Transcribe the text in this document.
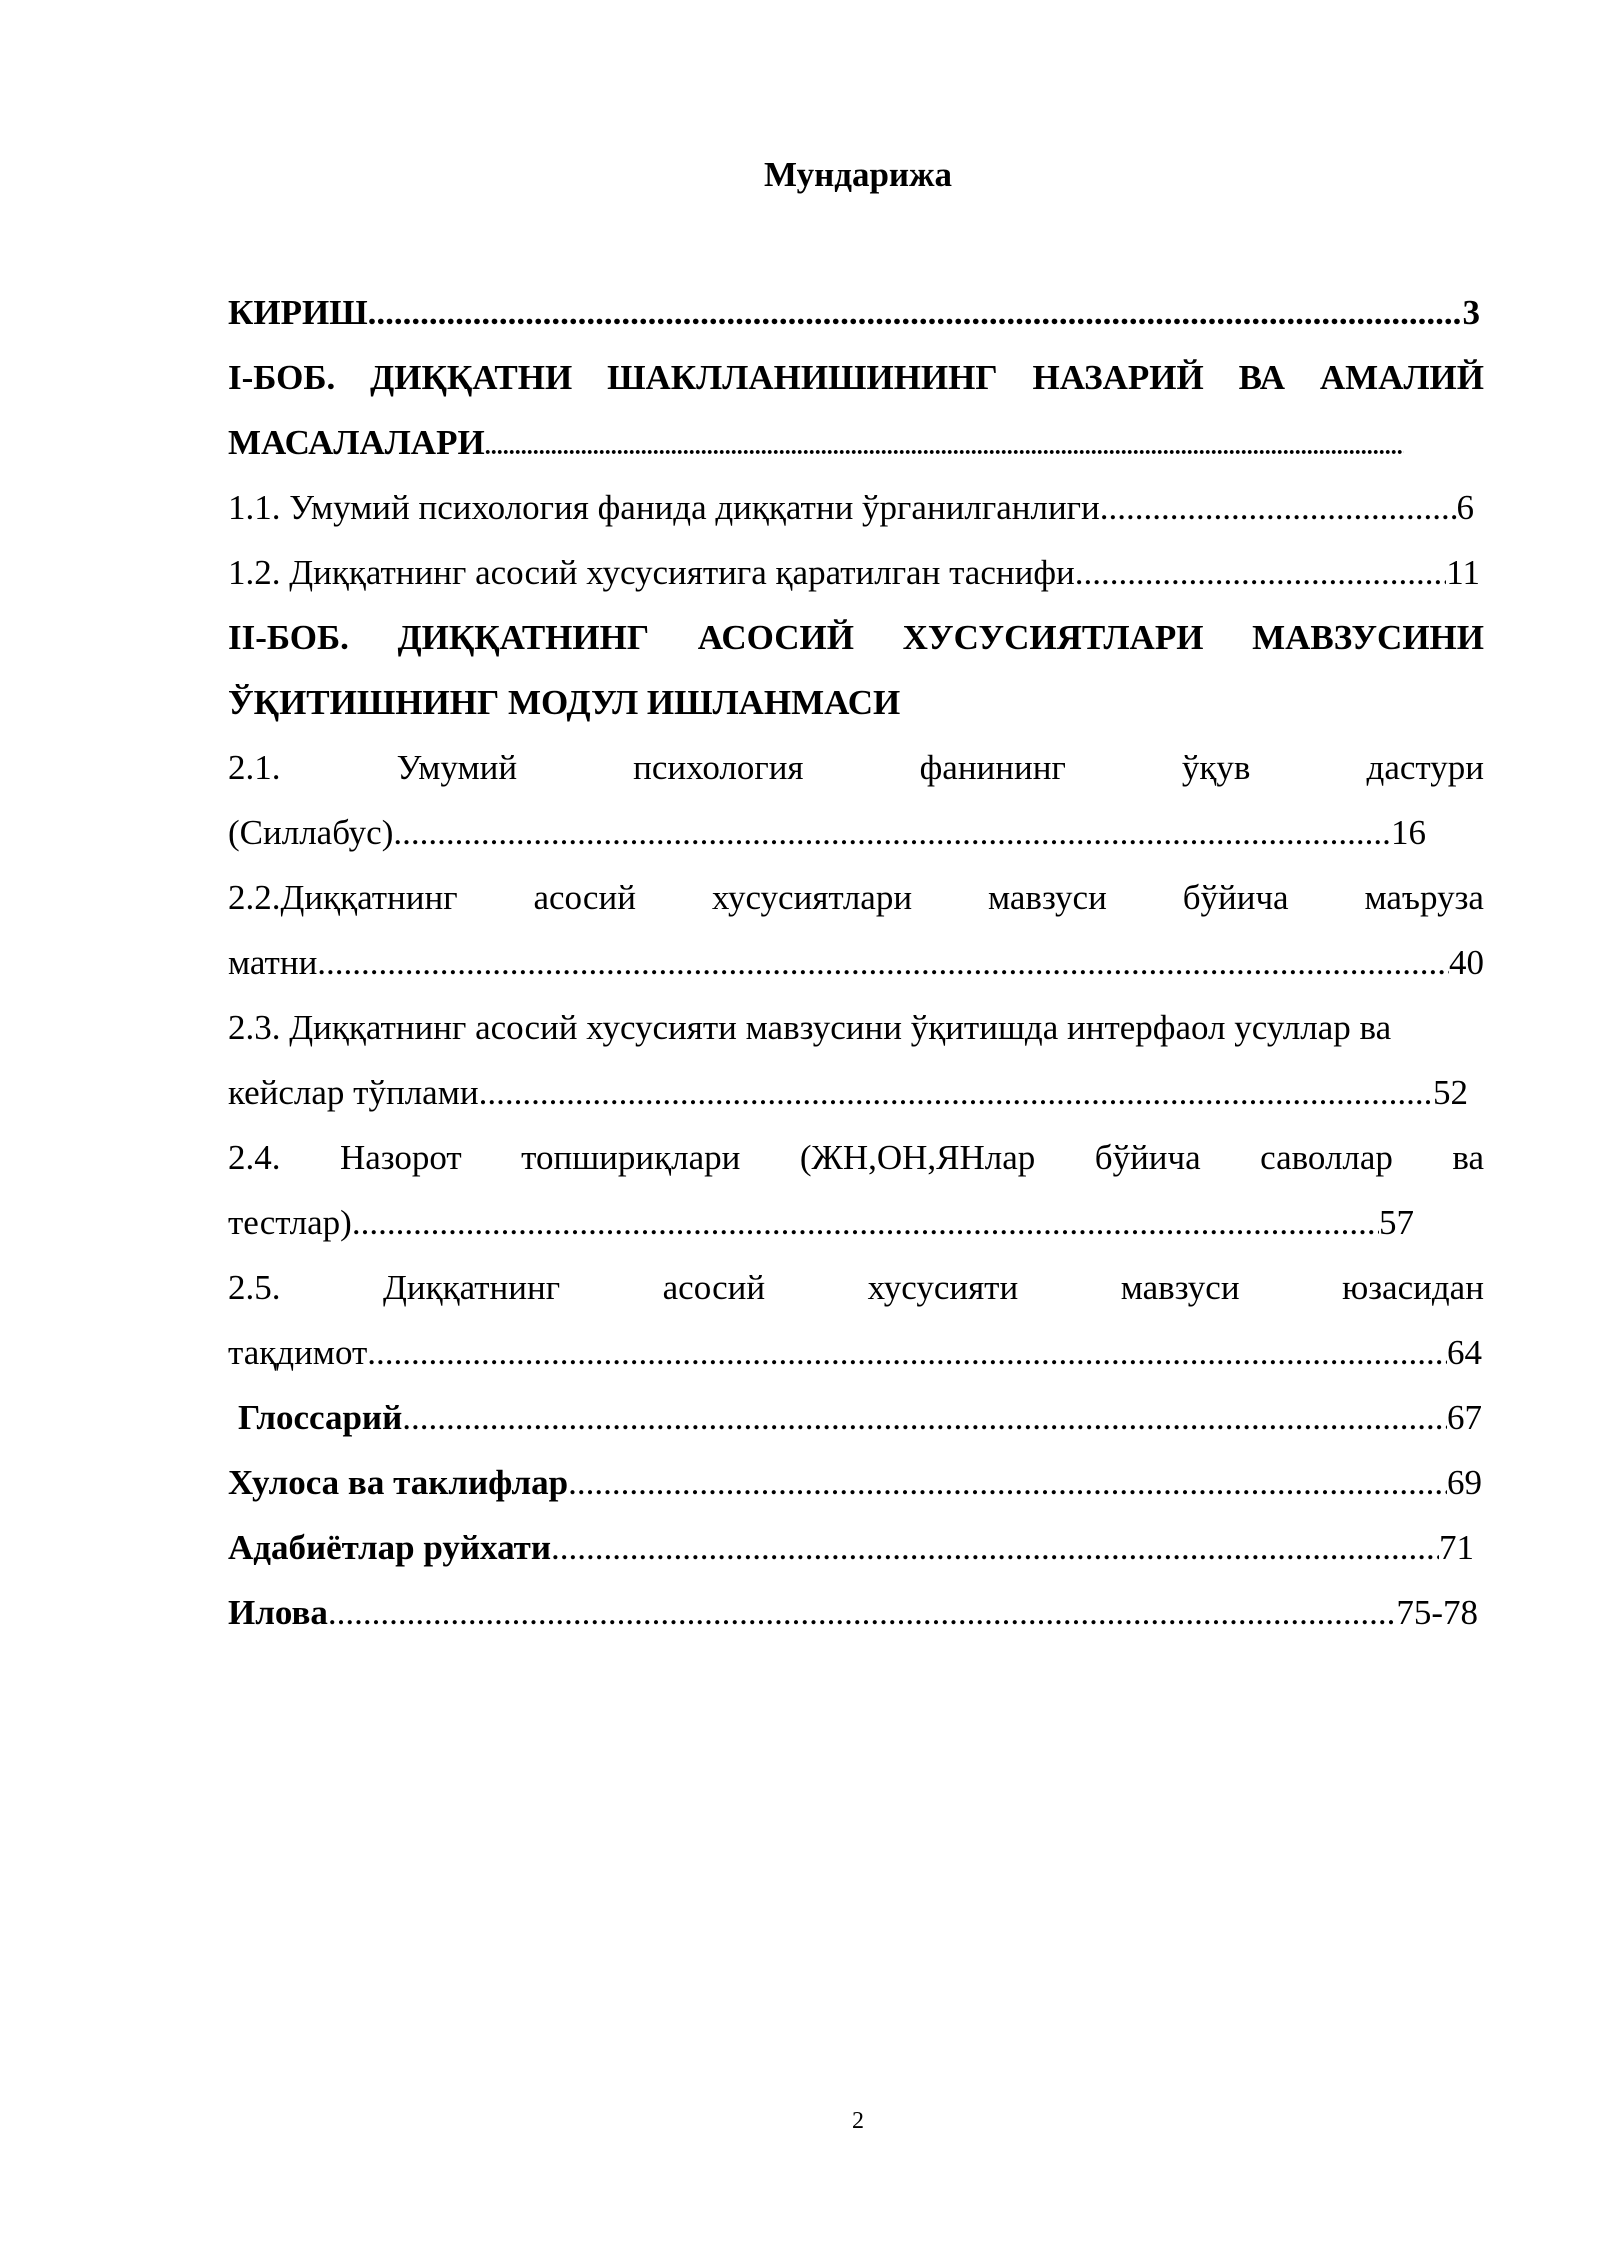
Мундарижа
КИРИШ .....	3
I-БОБ. ДИҚҚАТНИ ШАКЛЛАНИШИНИНГ НАЗАРИЙ ВА АМАЛИЙ
МАСАЛАЛАРИ
.....
1.1. Умумий психология фанида диққатни ўрганилганлиги .....	6
1.2. Диққатнинг асосий хусусиятига қаратилган таснифи .....	11
II-БОБ. ДИҚҚАТНИНГ АСОСИЙ ХУСУСИЯТЛАРИ МАВЗУСИНИ
ЎҚИТИШНИНГ МОДУЛ ИШЛАНМАСИ
2.1.	Умумий	психология	фанининг	ўқув	дастури
(Силлабус) .....	16
2.2.Диққатнинг асосий хусусиятлари мавзуси бўйича маъруза
матни .....	40
2.3. Диққатнинг асосий хусусияти мавзусини ўқитишда интерфаол усуллар ва
кейслар тўплами .....	52
2.4. Назорот топшириқлари (ЖН,ОН,ЯНлар бўйича саволлар ва
тестлар) .....	57
2.5.	Диққатнинг	асосий	хусусияти	мавзуси	юзасидан
тақдимот .....	64
Глоссарий .....	67
Хулоса ва таклифлар .....	69
Адабиётлар руйхати .....	71
Илова .....	75-78
2
